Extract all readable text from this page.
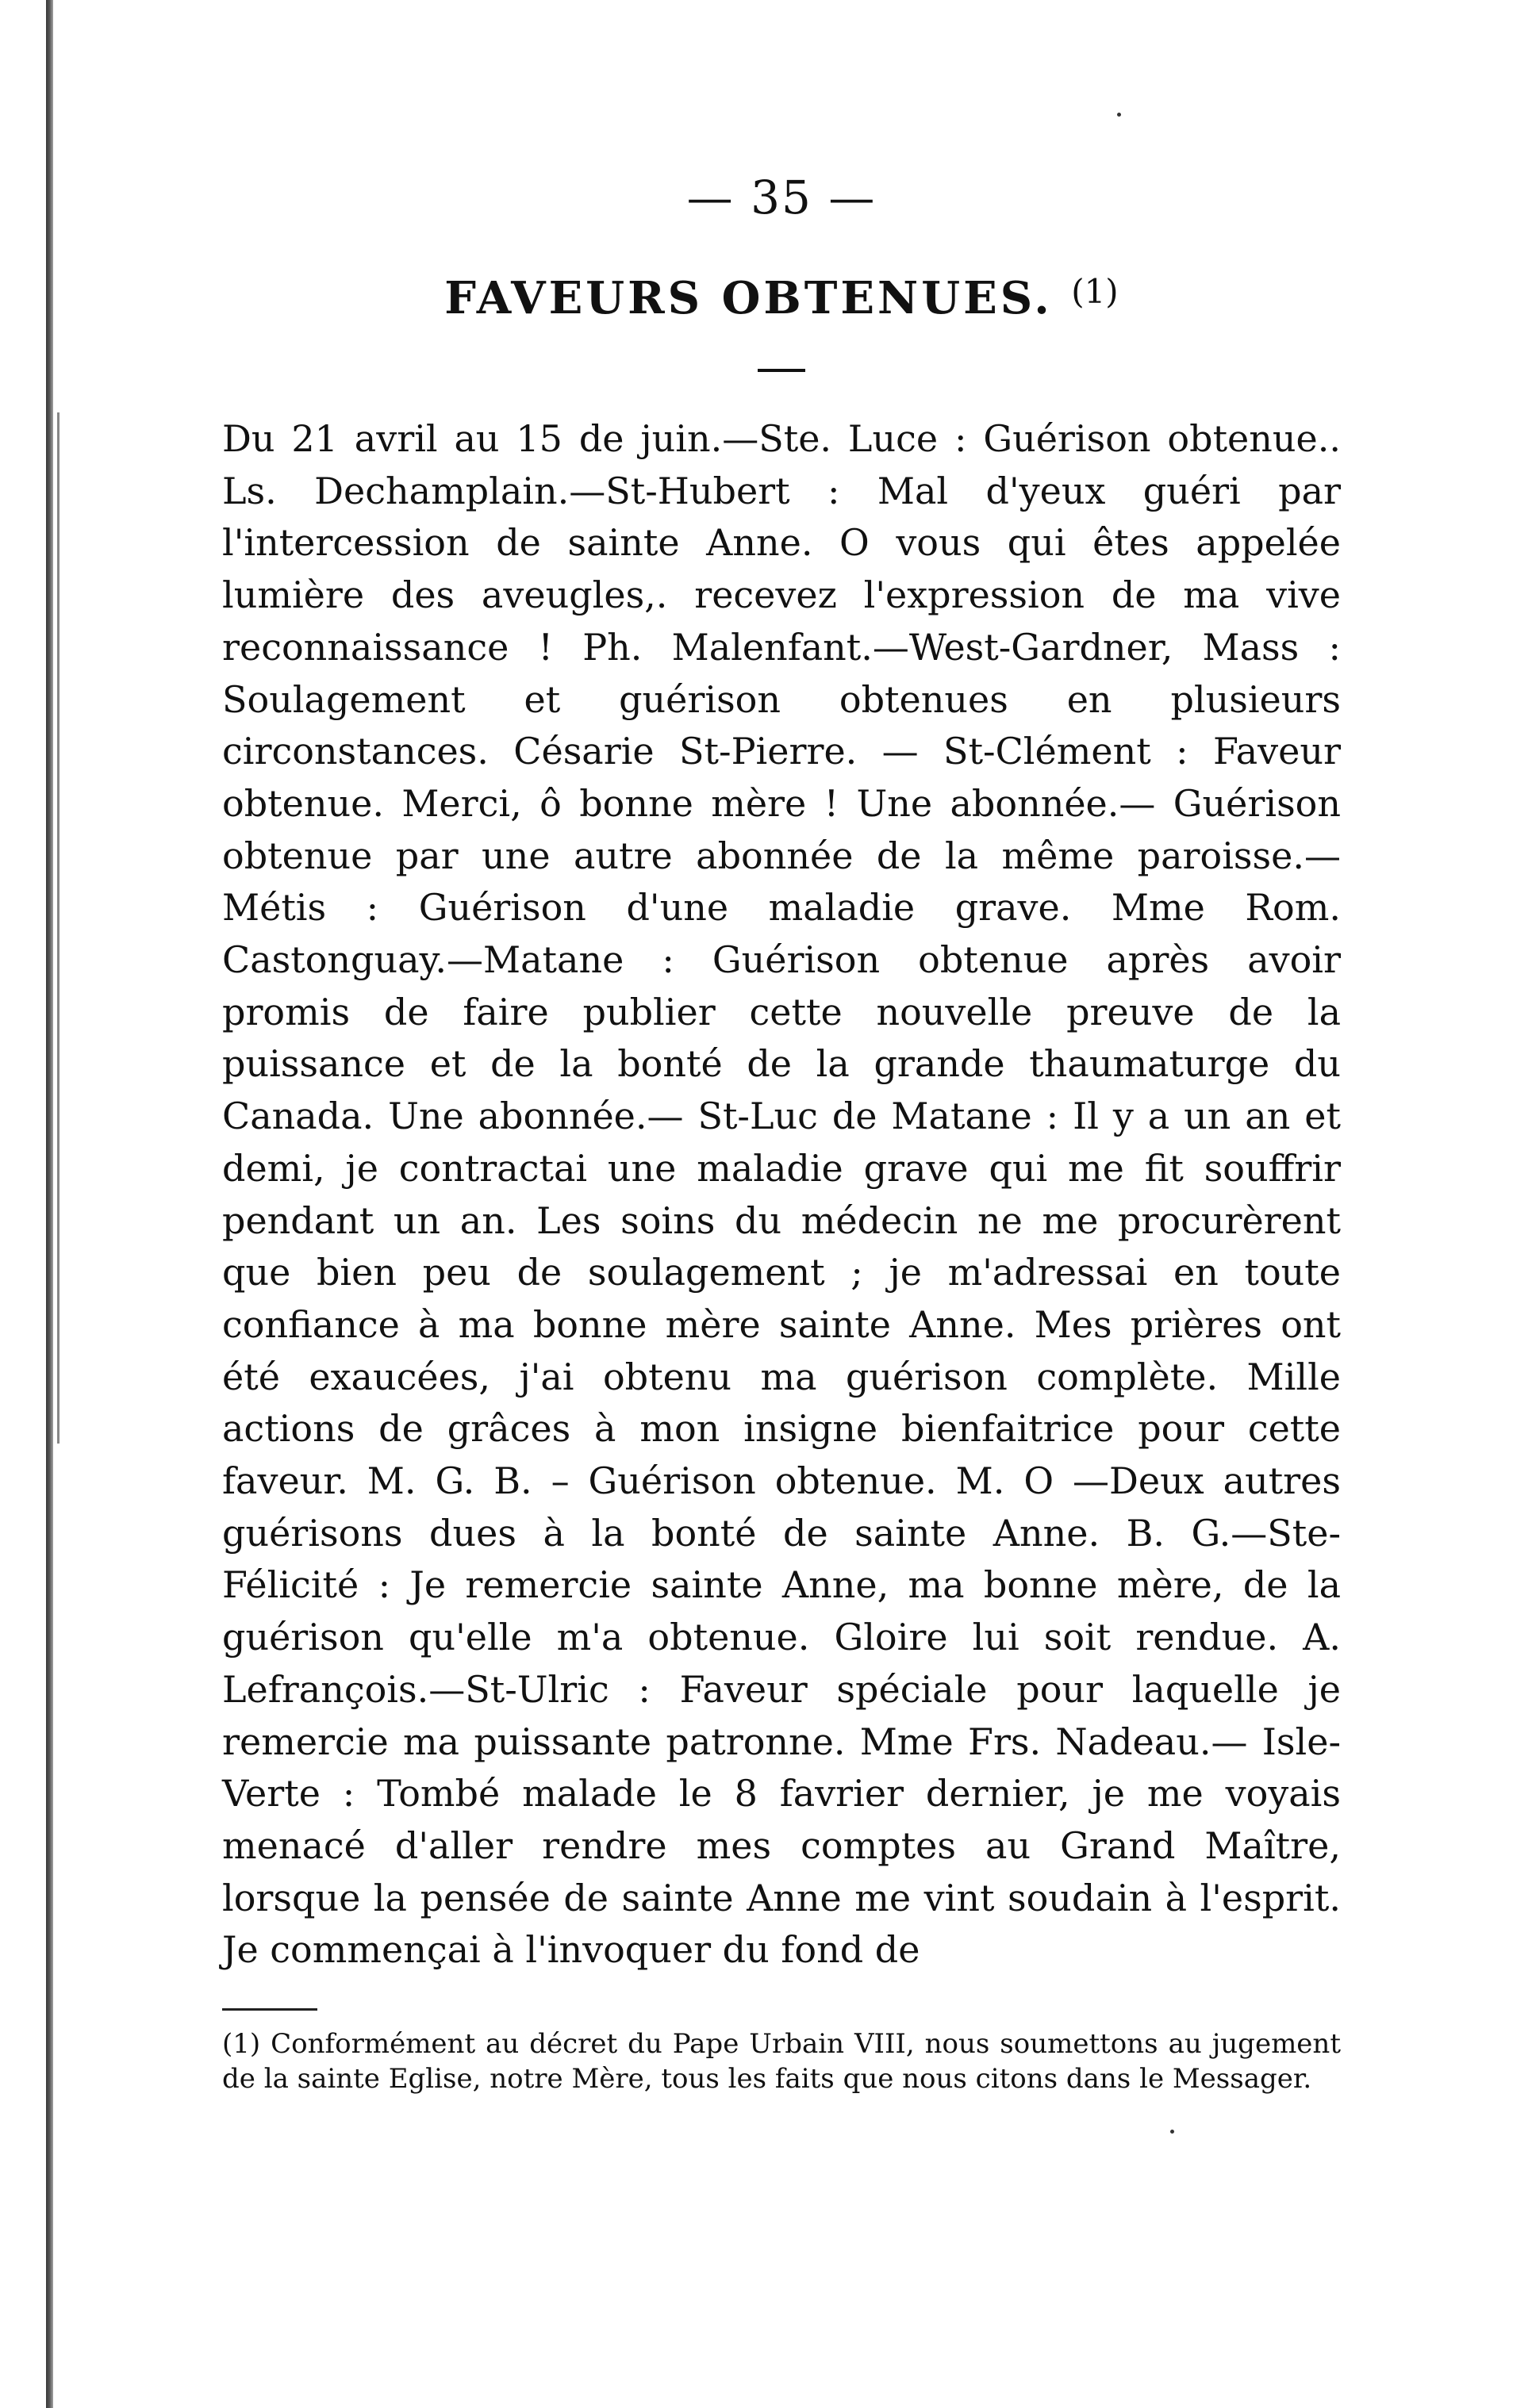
— 35 —
FAVEURS OBTENUES. $^{(1)}$

Du 21 avril au 15 de juin.—Ste. Luce : Guérison obtenue.. Ls. Dechamplain.—St-Hubert : Mal d'yeux guéri par l'intercession de sainte Anne. O vous qui êtes appelée lumière des aveugles,. recevez l'expression de ma vive reconnaissance ! Ph. Malenfant.—West-Gardner, Mass : Soulagement et guérison obtenues en plusieurs circonstances. Césarie St-Pierre. — St-Clément : Faveur obtenue. Merci, ô bonne mère ! Une abonnée.— Guérison obtenue par une autre abonnée de la même paroisse.— Métis : Guérison d'une maladie grave. Mme Rom. Castonguay.—Matane : Guérison obtenue après avoir promis de faire publier cette nouvelle preuve de la puissance et de la bonté de la grande thaumaturge du Canada. Une abonnée.— St-Luc de Matane : Il y a un an et demi, je contractai une maladie grave qui me fit souffrir pendant un an. Les soins du médecin ne me procurèrent que bien peu de soulagement ; je m'adressai en toute confiance à ma bonne mère sainte Anne. Mes prières ont été exaucées, j'ai obtenu ma guérison complète. Mille actions de grâces à mon insigne bienfaitrice pour cette faveur. M. G. B. – Guérison obtenue. M. O —Deux autres guérisons dues à la bonté de sainte Anne. B. G.—Ste-Félicité : Je remercie sainte Anne, ma bonne mère, de la guérison qu'elle m'a obtenue. Gloire lui soit rendue. A. Lefrançois.—St-Ulric : Faveur spéciale pour laquelle je remercie ma puissante patronne. Mme Frs. Nadeau.— Isle-Verte : Tombé malade le 8 favrier dernier, je me voyais menacé d'aller rendre mes comptes au Grand Maître, lorsque la pensée de sainte Anne me vint soudain à l'esprit. Je commençai à l'invoquer du fond de

(1) Conformément au décret du Pape Urbain VIII, nous soumettons au jugement de la sainte Eglise, notre Mère, tous les faits que nous citons dans le Messager.
